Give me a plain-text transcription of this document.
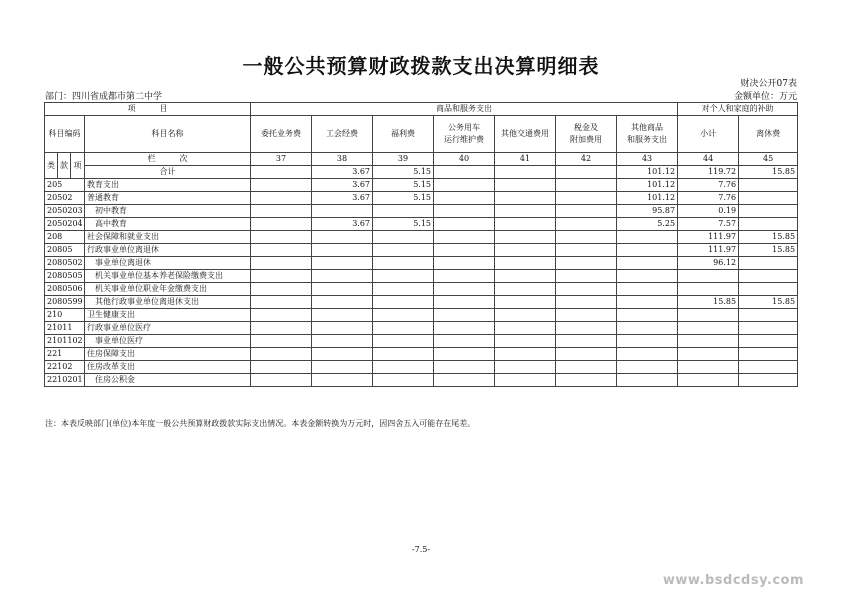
一般公共预算财政拨款支出决算明细表
财决公开07表
部门：四川省成都市第二中学	金额单位：万元
项　　　目				商品和服务支出							对个人和家庭的补助	
科目编码			科目名称	委托业务费	工会经费	福利费	公务用车
运行维护费	其他交通费用	税金及
附加费用	其他商品
和服务支出	小计	离休费
类	款	项	栏　　　次	37	38	39	40	41	42	43	44	45
			合计		3.67	5.15				101.12	119.72	15.85
205			教育支出		3.67	5.15				101.12	7.76	
20502			普通教育		3.67	5.15				101.12	7.76	
2050203			初中教育							95.87	0.19	
2050204			高中教育		3.67	5.15				5.25	7.57	
208			社会保障和就业支出								111.97	15.85
20805			行政事业单位离退休								111.97	15.85
2080502			事业单位离退休								96.12	
2080505			机关事业单位基本养老保险缴费支出									
2080506			机关事业单位职业年金缴费支出									
2080599			其他行政事业单位离退休支出								15.85	15.85
210			卫生健康支出									
21011			行政事业单位医疗									
2101102			事业单位医疗									
221			住房保障支出									
22102			住房改革支出									
2210201			住房公积金									
注：本表反映部门(单位)本年度一般公共预算财政拨款实际支出情况。本表金额转换为万元时，因四舍五入可能存在尾差。
-7.5-
www.bsdcdsy.com
